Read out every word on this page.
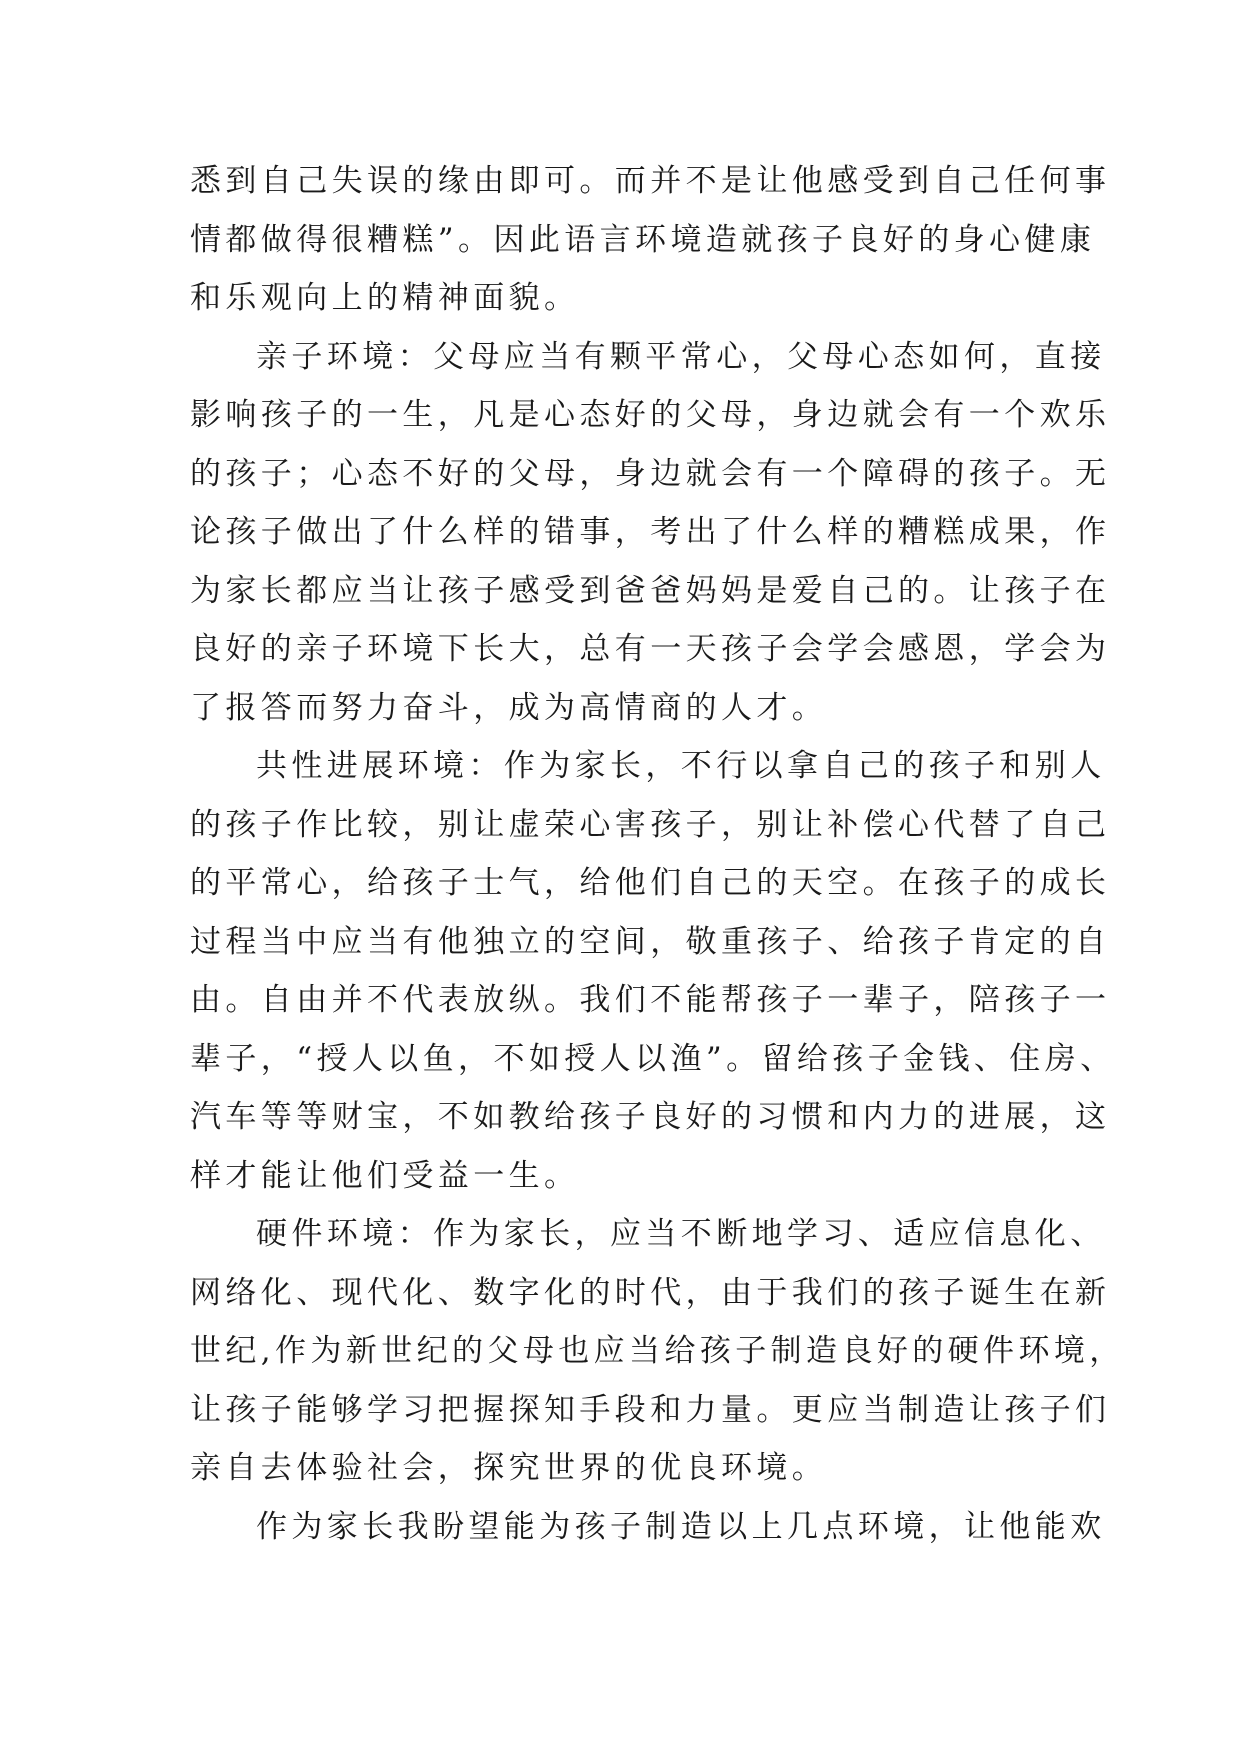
悉到自己失误的缘由即可。而并不是让他感受到自己任何事
情都做得很糟糕”。因此语言环境造就孩子良好的身心健康
和乐观向上的精神面貌。
亲子环境：父母应当有颗平常心，父母心态如何，直接
影响孩子的一生，凡是心态好的父母，身边就会有一个欢乐
的孩子；心态不好的父母，身边就会有一个障碍的孩子。无
论孩子做出了什么样的错事，考出了什么样的糟糕成果，作
为家长都应当让孩子感受到爸爸妈妈是爱自己的。让孩子在
良好的亲子环境下长大，总有一天孩子会学会感恩，学会为
了报答而努力奋斗，成为高情商的人才。
共性进展环境：作为家长，不行以拿自己的孩子和别人
的孩子作比较，别让虚荣心害孩子，别让补偿心代替了自己
的平常心，给孩子士气，给他们自己的天空。在孩子的成长
过程当中应当有他独立的空间，敬重孩子、给孩子肯定的自
由。自由并不代表放纵。我们不能帮孩子一辈子，陪孩子一
辈子，“授人以鱼，不如授人以渔”。留给孩子金钱、住房、
汽车等等财宝，不如教给孩子良好的习惯和内力的进展，这
样才能让他们受益一生。
硬件环境：作为家长，应当不断地学习、适应信息化、
网络化、现代化、数字化的时代，由于我们的孩子诞生在新
世纪,作为新世纪的父母也应当给孩子制造良好的硬件环境，
让孩子能够学习把握探知手段和力量。更应当制造让孩子们
亲自去体验社会，探究世界的优良环境。
作为家长我盼望能为孩子制造以上几点环境，让他能欢
